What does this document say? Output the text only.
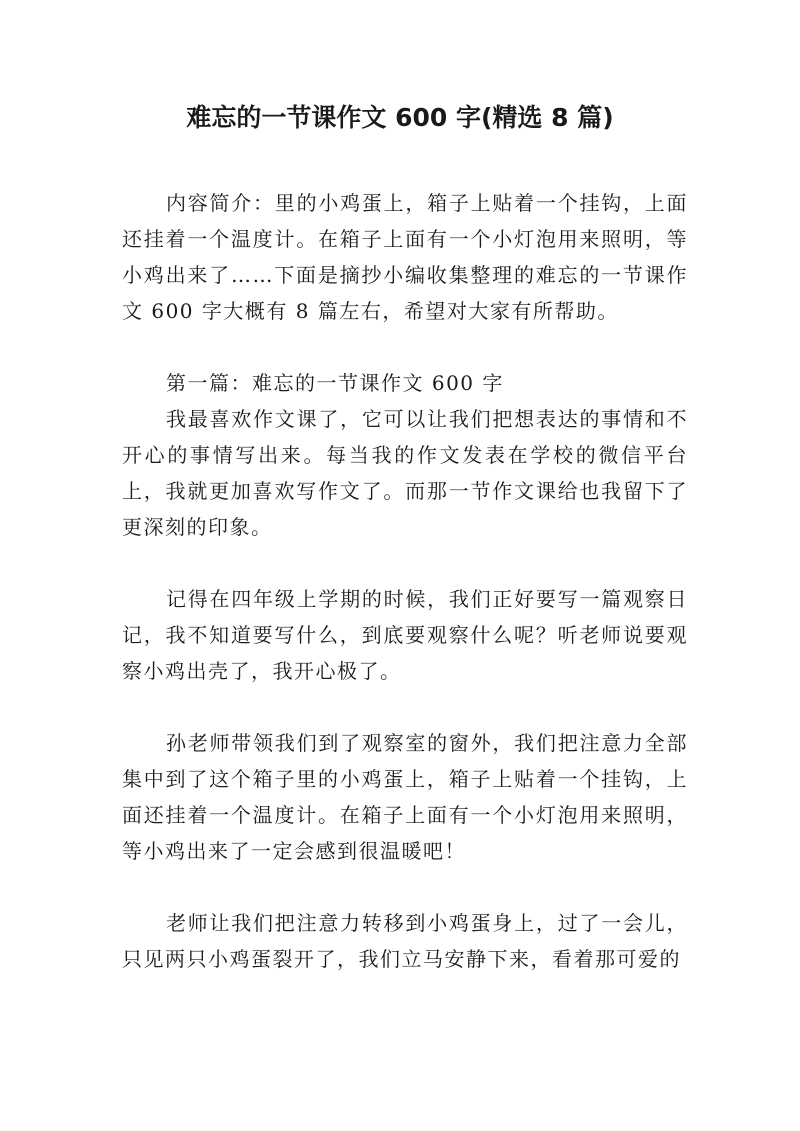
难忘的一节课作文 600 字(精选 8 篇)

内容简介：里的小鸡蛋上，箱子上贴着一个挂钩，上面还挂着一个温度计。在箱子上面有一个小灯泡用来照明，等小鸡出来了……下面是摘抄小编收集整理的难忘的一节课作文 600 字大概有 8 篇左右，希望对大家有所帮助。

第一篇：难忘的一节课作文 600 字

我最喜欢作文课了，它可以让我们把想表达的事情和不开心的事情写出来。每当我的作文发表在学校的微信平台上，我就更加喜欢写作文了。而那一节作文课给也我留下了更深刻的印象。

记得在四年级上学期的时候，我们正好要写一篇观察日记，我不知道要写什么，到底要观察什么呢？听老师说要观察小鸡出壳了，我开心极了。

孙老师带领我们到了观察室的窗外，我们把注意力全部集中到了这个箱子里的小鸡蛋上，箱子上贴着一个挂钩，上面还挂着一个温度计。在箱子上面有一个小灯泡用来照明，等小鸡出来了一定会感到很温暖吧！

老师让我们把注意力转移到小鸡蛋身上，过了一会儿，只见两只小鸡蛋裂开了，我们立马安静下来，看着那可爱的
